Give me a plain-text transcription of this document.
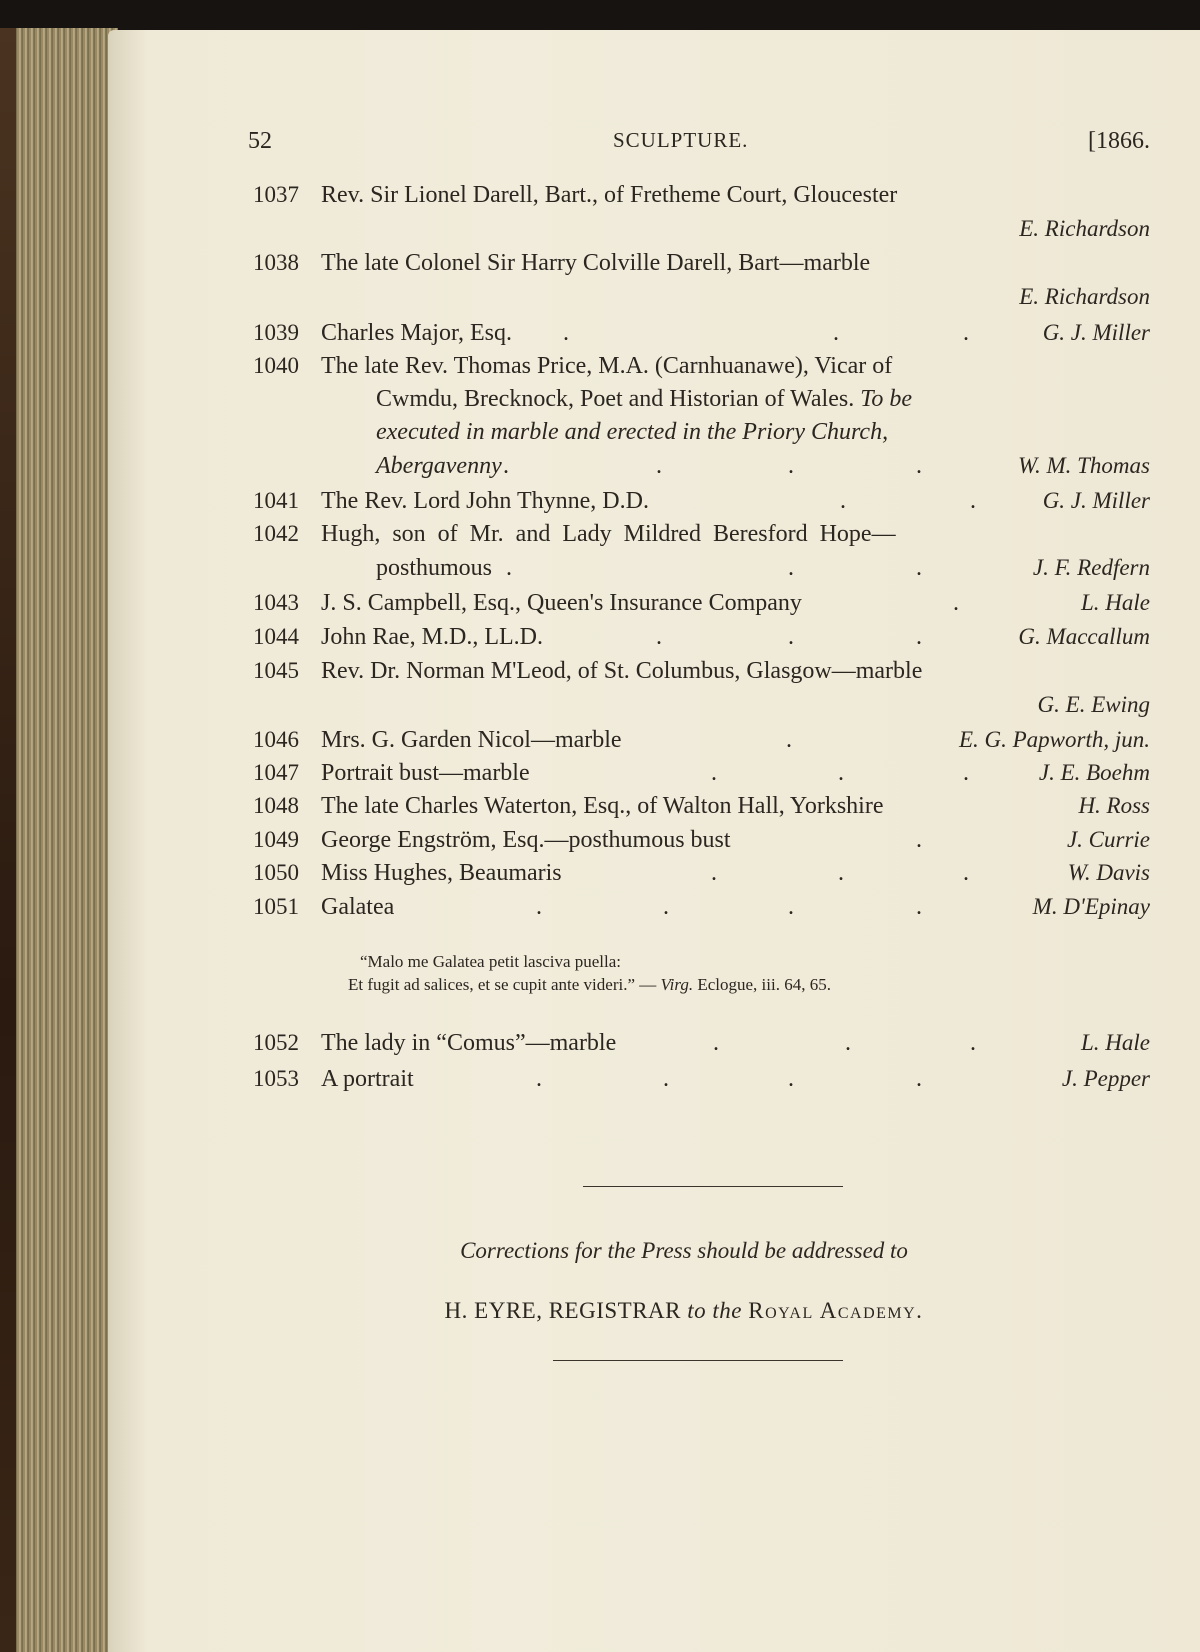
52	SCULPTURE.	[1866.
1037 Rev. Sir Lionel Darell, Bart., of Fretheme Court, Gloucester
E. Richardson
1038 The late Colonel Sir Harry Colville Darell, Bart—marble
E. Richardson
1039 Charles Major, Esq. .	.	.	G. J. Miller
1040 The late Rev. Thomas Price, M.A. (Carnhuanawe), Vicar of
Cwmdu, Brecknock, Poet and Historian of Wales. To be
executed in marble and erected in the Priory Church,
Abergavenny .	.	.	.	W. M. Thomas
1041 The Rev. Lord John Thynne, D.D.	.	.	G. J. Miller
1042 Hugh, son of Mr. and Lady Mildred Beresford Hope—
posthumous .	.	.	J. F. Redfern
1043 J. S. Campbell, Esq., Queen's Insurance Company	.	L. Hale
1044 John Rae, M.D., LL.D.	.	.	.	G. Maccallum
1045 Rev. Dr. Norman M'Leod, of St. Columbus, Glasgow—marble
G. E. Ewing
1046 Mrs. G. Garden Nicol—marble	.	E. G. Papworth, jun.
1047 Portrait bust—marble	.	.	.	J. E. Boehm
1048 The late Charles Waterton, Esq., of Walton Hall, Yorkshire	H. Ross
1049 George Engström, Esq.—posthumous bust	.	J. Currie
1050 Miss Hughes, Beaumaris	.	.	.	W. Davis
1051 Galatea	.	.	.	.	M. D'Epinay
“Malo me Galatea petit lasciva puella:
Et fugit ad salices, et se cupit ante videri.” — Virg. Eclogue, iii. 64, 65.
1052 The lady in “Comus”—marble	.	.	.	L. Hale
1053 A portrait	.	.	.	.	J. Pepper
Corrections for the Press should be addressed to
H. EYRE, REGISTRAR to the Royal Academy.
